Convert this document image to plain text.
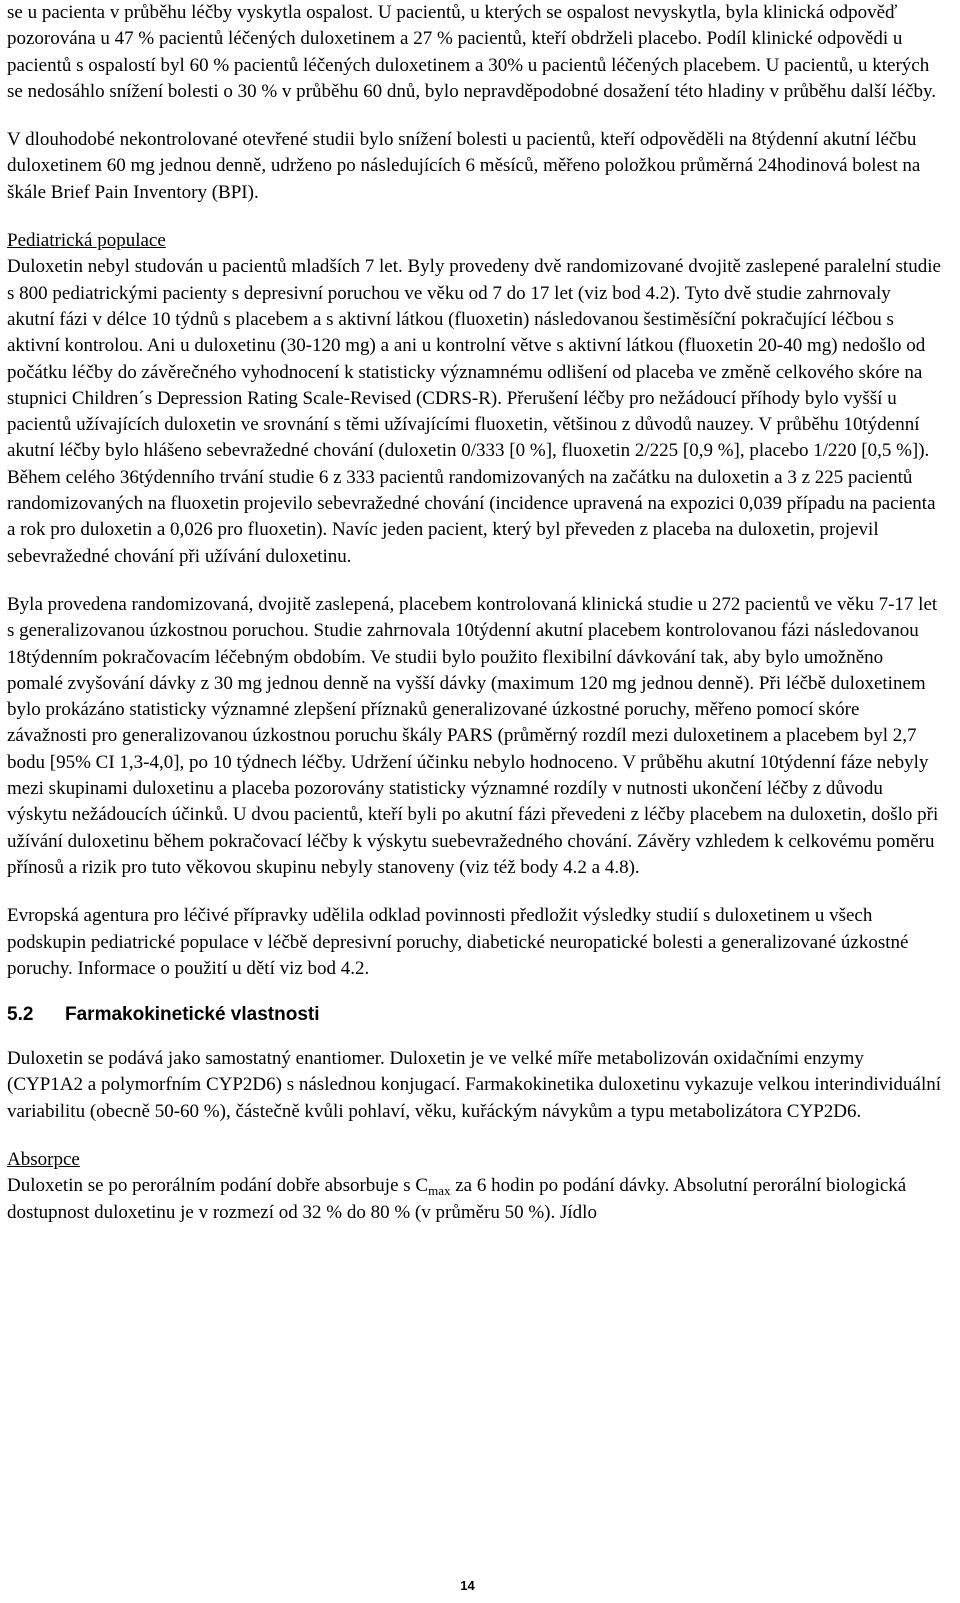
se u pacienta v průběhu léčby vyskytla ospalost. U pacientů, u kterých se ospalost nevyskytla, byla klinická odpověď pozorována u 47 % pacientů léčených duloxetinem a 27 % pacientů, kteří obdrželi placebo. Podíl klinické odpovědi u pacientů s ospalostí byl 60 % pacientů léčených duloxetinem a 30% u pacientů léčených placebem. U pacientů, u kterých se nedosáhlo snížení bolesti o 30 % v průběhu 60 dnů, bylo nepravděpodobné dosažení této hladiny v průběhu další léčby.

V dlouhodobé nekontrolované otevřené studii bylo snížení bolesti u pacientů, kteří odpověděli na 8týdenní akutní léčbu duloxetinem 60 mg jednou denně, udrženo po následujících 6 měsíců, měřeno položkou průměrná 24hodinová bolest na škále Brief Pain Inventory (BPI).

Pediatrická populace

Duloxetin nebyl studován u pacientů mladších 7 let. Byly provedeny dvě randomizované dvojitě zaslepené paralelní studie s 800 pediatrickými pacienty s depresivní poruchou ve věku od 7 do 17 let (viz bod 4.2). Tyto dvě studie zahrnovaly akutní fázi v délce 10 týdnů s placebem a s aktivní látkou (fluoxetin) následovanou šestiměsíční pokračující léčbou s aktivní kontrolou. Ani u duloxetinu (30-120 mg) a ani u kontrolní větve s aktivní látkou (fluoxetin 20-40 mg) nedošlo od počátku léčby do závěrečného vyhodnocení k statisticky významnému odlišení od placeba ve změně celkového skóre na stupnici Children´s Depression Rating Scale-Revised (CDRS-R). Přerušení léčby pro nežádoucí příhody bylo vyšší u pacientů užívajících duloxetin ve srovnání s těmi užívajícími fluoxetin, většinou z důvodů nauzey. V průběhu 10týdenní akutní léčby bylo hlášeno sebevražedné chování (duloxetin 0/333 [0 %], fluoxetin 2/225 [0,9 %], placebo 1/220 [0,5 %]). Během celého 36týdenního trvání studie 6 z 333 pacientů randomizovaných na začátku na duloxetin a 3 z 225 pacientů randomizovaných na fluoxetin projevilo sebevražedné chování (incidence upravená na expozici 0,039 případu na pacienta a rok pro duloxetin a 0,026 pro fluoxetin). Navíc jeden pacient, který byl převeden z placeba na duloxetin, projevil sebevražedné chování při užívání duloxetinu.

Byla provedena randomizovaná, dvojitě zaslepená, placebem kontrolovaná klinická studie u 272 pacientů ve věku 7-17 let s generalizovanou úzkostnou poruchou. Studie zahrnovala 10týdenní akutní placebem kontrolovanou fázi následovanou 18týdenním pokračovacím léčebným obdobím. Ve studii bylo použito flexibilní dávkování tak, aby bylo umožněno pomalé zvyšování dávky z 30 mg jednou denně na vyšší dávky (maximum 120 mg jednou denně). Při léčbě duloxetinem bylo prokázáno statisticky významné zlepšení příznaků generalizované úzkostné poruchy, měřeno pomocí skóre závažnosti pro generalizovanou úzkostnou poruchu škály PARS (průměrný rozdíl mezi duloxetinem a placebem byl 2,7 bodu [95% CI 1,3-4,0], po 10 týdnech léčby. Udržení účinku nebylo hodnoceno. V průběhu akutní 10týdenní fáze nebyly mezi skupinami duloxetinu a placeba pozorovány statisticky významné rozdíly v nutnosti ukončení léčby z důvodu výskytu nežádoucích účinků. U dvou pacientů, kteří byli po akutní fázi převedeni z léčby placebem na duloxetin, došlo při užívání duloxetinu během pokračovací léčby k výskytu suebevražedného chování. Závěry vzhledem k celkovému poměru přínosů a rizik pro tuto věkovou skupinu nebyly stanoveny (viz též body 4.2 a 4.8).

Evropská agentura pro léčivé přípravky udělila odklad povinnosti předložit výsledky studií s duloxetinem u všech podskupin pediatrické populace v léčbě depresivní poruchy, diabetické neuropatické bolesti a generalizované úzkostné poruchy. Informace o použití u dětí viz bod 4.2.

5.2 Farmakokinetické vlastnosti

Duloxetin se podává jako samostatný enantiomer. Duloxetin je ve velké míře metabolizován oxidačními enzymy (CYP1A2 a polymorfním CYP2D6) s následnou konjugací. Farmakokinetika duloxetinu vykazuje velkou interindividuální variabilitu (obecně 50-60 %), částečně kvůli pohlaví, věku, kuřáckým návykům a typu metabolizátora CYP2D6.

Absorpce

Duloxetin se po perorálním podání dobře absorbuje s $C_{max}$ za 6 hodin po podání dávky. Absolutní perorální biologická dostupnost duloxetinu je v rozmezí od 32 % do 80 % (v průměru 50 %). Jídlo

14
